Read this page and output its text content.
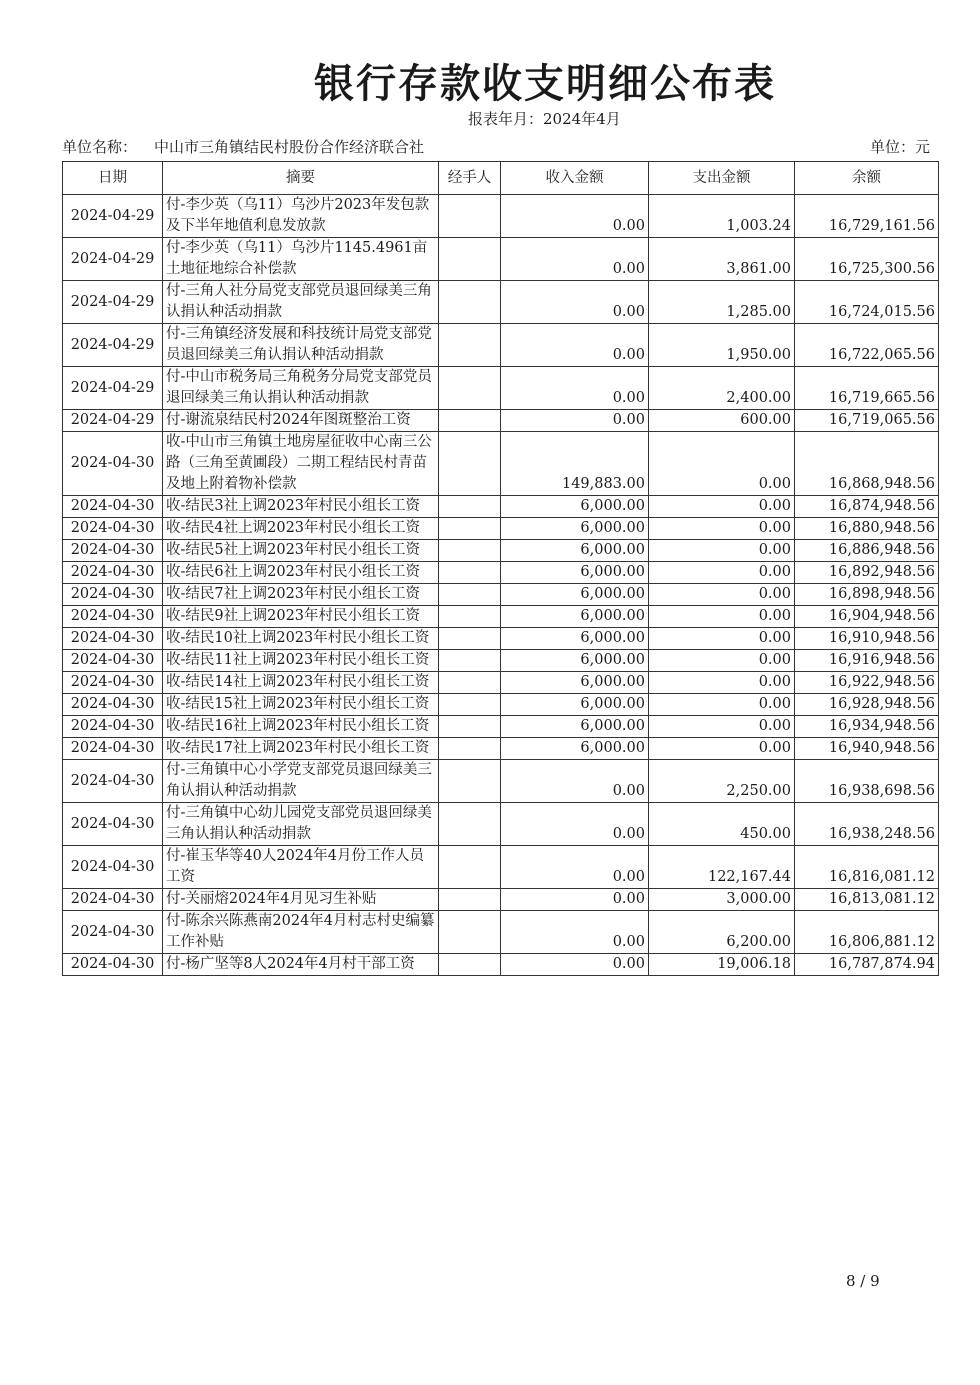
银行存款收支明细公布表
报表年月：2024年4月
单位名称： 中山市三角镇结民村股份合作经济联合社	单位：元
日期	摘要	经手人	收入金额	支出金额	余额
2024-04-29	付-李少英（乌11）乌沙片2023年发包款及下半年地值利息发放款		0.00	1,003.24	16,729,161.56
2024-04-29	付-李少英（乌11）乌沙片1145.4961亩土地征地综合补偿款		0.00	3,861.00	16,725,300.56
2024-04-29	付-三角人社分局党支部党员退回绿美三角认捐认种活动捐款		0.00	1,285.00	16,724,015.56
2024-04-29	付-三角镇经济发展和科技统计局党支部党员退回绿美三角认捐认种活动捐款		0.00	1,950.00	16,722,065.56
2024-04-29	付-中山市税务局三角税务分局党支部党员退回绿美三角认捐认种活动捐款		0.00	2,400.00	16,719,665.56
2024-04-29	付-谢流泉结民村2024年图斑整治工资		0.00	600.00	16,719,065.56
2024-04-30	收-中山市三角镇土地房屋征收中心南三公路（三角至黄圃段）二期工程结民村青苗及地上附着物补偿款		149,883.00	0.00	16,868,948.56
2024-04-30	收-结民3社上调2023年村民小组长工资		6,000.00	0.00	16,874,948.56
2024-04-30	收-结民4社上调2023年村民小组长工资		6,000.00	0.00	16,880,948.56
2024-04-30	收-结民5社上调2023年村民小组长工资		6,000.00	0.00	16,886,948.56
2024-04-30	收-结民6社上调2023年村民小组长工资		6,000.00	0.00	16,892,948.56
2024-04-30	收-结民7社上调2023年村民小组长工资		6,000.00	0.00	16,898,948.56
2024-04-30	收-结民9社上调2023年村民小组长工资		6,000.00	0.00	16,904,948.56
2024-04-30	收-结民10社上调2023年村民小组长工资		6,000.00	0.00	16,910,948.56
2024-04-30	收-结民11社上调2023年村民小组长工资		6,000.00	0.00	16,916,948.56
2024-04-30	收-结民14社上调2023年村民小组长工资		6,000.00	0.00	16,922,948.56
2024-04-30	收-结民15社上调2023年村民小组长工资		6,000.00	0.00	16,928,948.56
2024-04-30	收-结民16社上调2023年村民小组长工资		6,000.00	0.00	16,934,948.56
2024-04-30	收-结民17社上调2023年村民小组长工资		6,000.00	0.00	16,940,948.56
2024-04-30	付-三角镇中心小学党支部党员退回绿美三角认捐认种活动捐款		0.00	2,250.00	16,938,698.56
2024-04-30	付-三角镇中心幼儿园党支部党员退回绿美三角认捐认种活动捐款		0.00	450.00	16,938,248.56
2024-04-30	付-崔玉华等40人2024年4月份工作人员工资		0.00	122,167.44	16,816,081.12
2024-04-30	付-关丽熔2024年4月见习生补贴		0.00	3,000.00	16,813,081.12
2024-04-30	付-陈余兴陈燕南2024年4月村志村史编纂工作补贴		0.00	6,200.00	16,806,881.12
2024-04-30	付-杨广坚等8人2024年4月村干部工资		0.00	19,006.18	16,787,874.94
8 / 9
